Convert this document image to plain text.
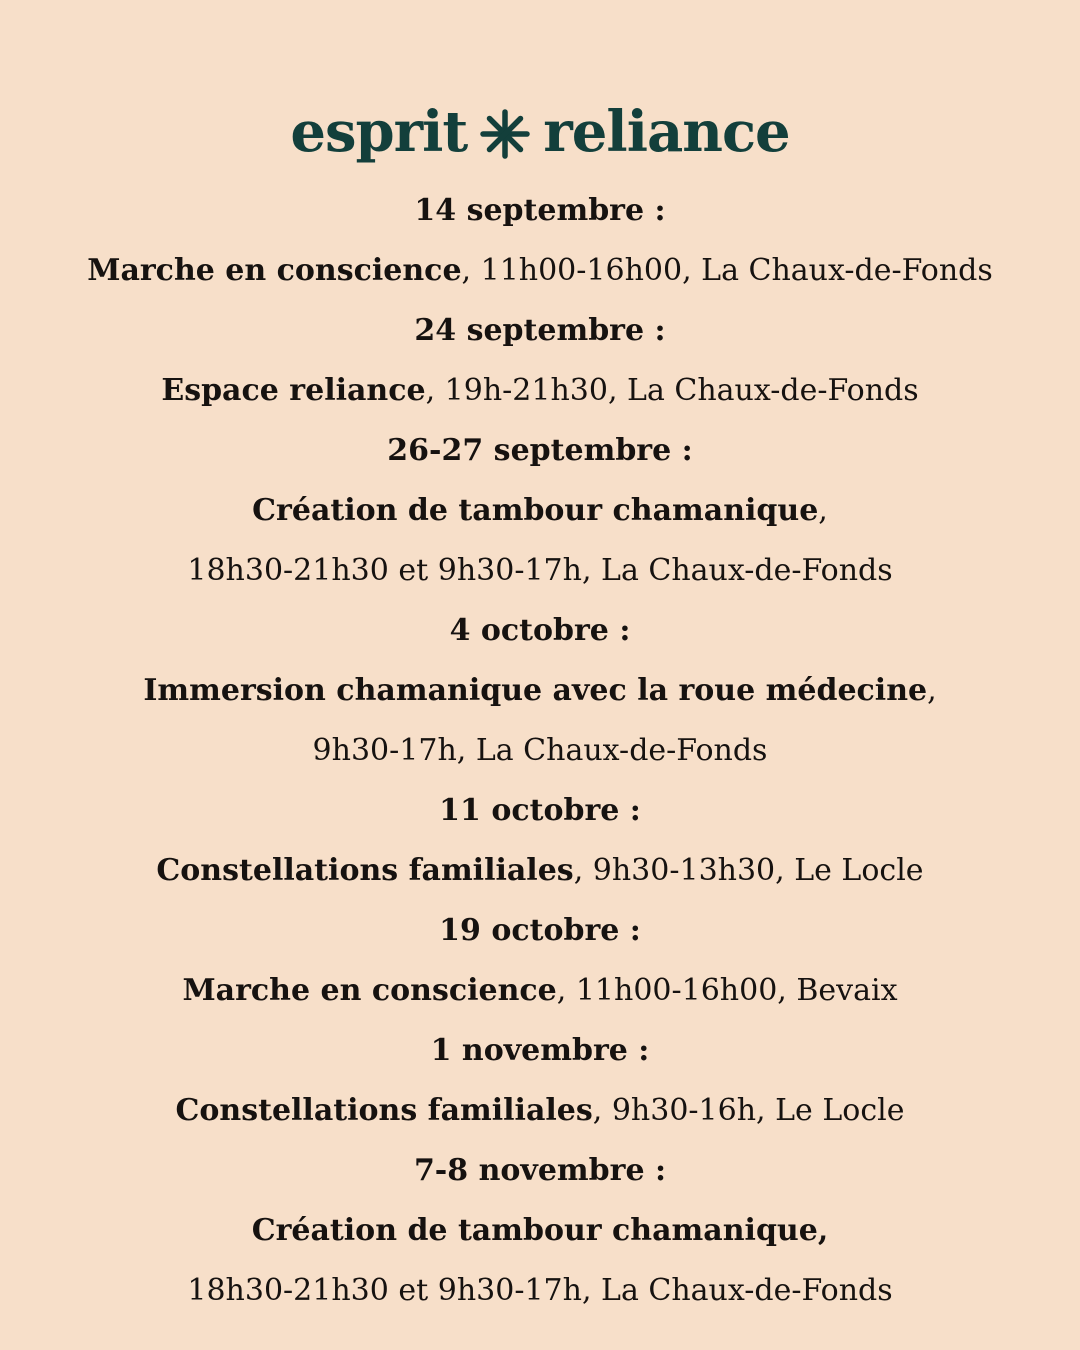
esprit reliance
14 septembre :
Marche en conscience, 11h00-16h00, La Chaux-de-Fonds
24 septembre :
Espace reliance, 19h-21h30, La Chaux-de-Fonds
26-27 septembre :
Création de tambour chamanique,
18h30-21h30 et 9h30-17h, La Chaux-de-Fonds
4 octobre :
Immersion chamanique avec la roue médecine,
9h30-17h, La Chaux-de-Fonds
11 octobre :
Constellations familiales, 9h30-13h30, Le Locle
19 octobre :
Marche en conscience, 11h00-16h00, Bevaix
1 novembre :
Constellations familiales, 9h30-16h, Le Locle
7-8 novembre :
Création de tambour chamanique,
18h30-21h30 et 9h30-17h, La Chaux-de-Fonds
